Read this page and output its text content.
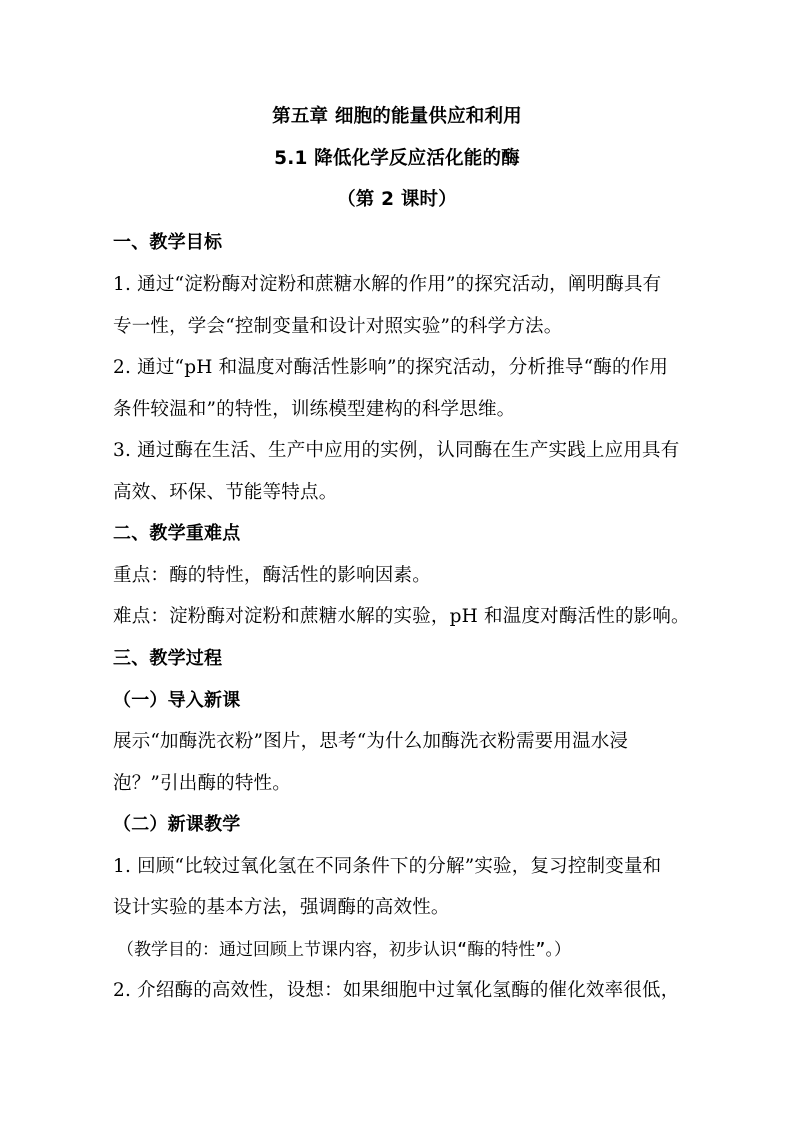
第五章 细胞的能量供应和利用
5.1 降低化学反应活化能的酶
（第 2 课时）
一、教学目标
1. 通过“淀粉酶对淀粉和蔗糖水解的作用”的探究活动，阐明酶具有
专一性，学会“控制变量和设计对照实验”的科学方法。
2. 通过“pH 和温度对酶活性影响”的探究活动，分析推导“酶的作用
条件较温和”的特性，训练模型建构的科学思维。
3. 通过酶在生活、生产中应用的实例，认同酶在生产实践上应用具有
高效、环保、节能等特点。
二、教学重难点
重点：酶的特性，酶活性的影响因素。
难点：淀粉酶对淀粉和蔗糖水解的实验，pH 和温度对酶活性的影响。
三、教学过程
（一）导入新课
展示“加酶洗衣粉”图片，思考“为什么加酶洗衣粉需要用温水浸
泡？”引出酶的特性。
（二）新课教学
1. 回顾“比较过氧化氢在不同条件下的分解”实验，复习控制变量和
设计实验的基本方法，强调酶的高效性。
（教学目的：通过回顾上节课内容，初步认识“酶的特性”。）
2. 介绍酶的高效性，设想：如果细胞中过氧化氢酶的催化效率很低，
